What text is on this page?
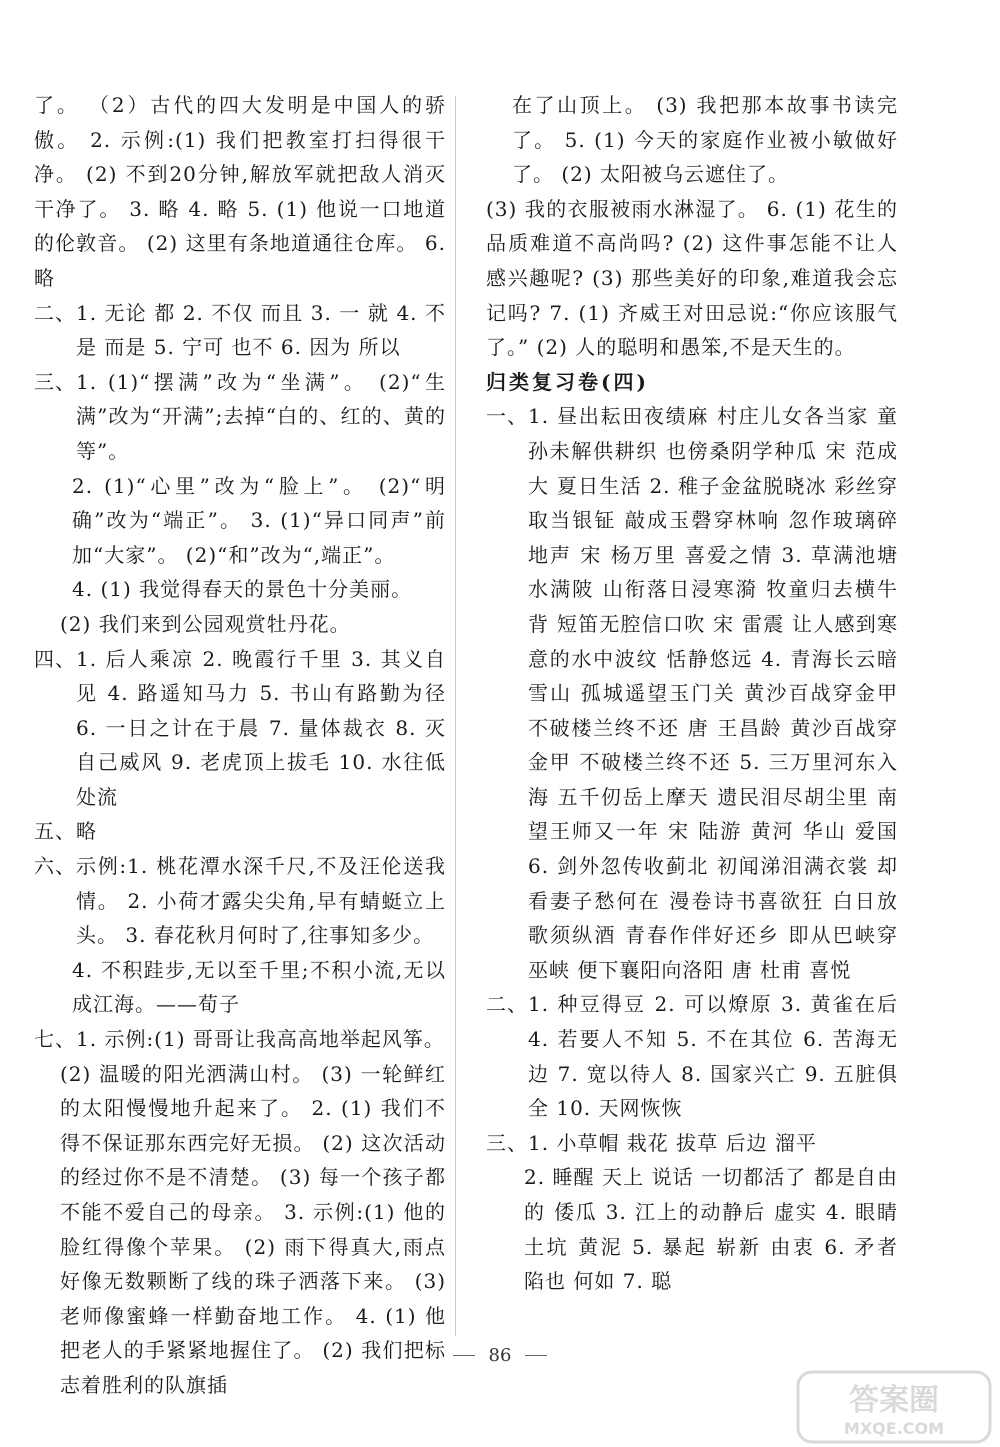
了。 （2）古代的四大发明是中国人的骄傲。 2. 示例:(1) 我们把教室打扫得很干净。 (2) 不到20分钟,解放军就把敌人消灭干净了。 3. 略 4. 略 5. (1) 他说一口地道的伦敦音。 (2) 这里有条地道通往仓库。 6. 略

二、 1. 无论 都 2. 不仅 而且 3. 一 就 4. 不是 而是 5. 宁可 也不 6. 因为 所以
三、 1. (1)“摆满”改为“坐满”。 (2)“生满”改为“开满”;去掉“白的、红的、黄的等”。

2. (1)“心里”改为“脸上”。 (2)“明确”改为“端正”。 3. (1)“异口同声”前加“大家”。 (2)“和”改为“,端正”。

4. (1) 我觉得春天的景色十分美丽。

(2) 我们来到公园观赏牡丹花。

四、 1. 后人乘凉 2. 晚霞行千里 3. 其义自见 4. 路遥知马力 5. 书山有路勤为径 6. 一日之计在于晨 7. 量体裁衣 8. 灭自己威风 9. 老虎顶上拔毛 10. 水往低处流
五、 略
六、 示例:1. 桃花潭水深千尺,不及汪伦送我情。 2. 小荷才露尖尖角,早有蜻蜓立上头。 3. 春花秋月何时了,往事知多少。

4. 不积跬步,无以至千里;不积小流,无以成江海。——荀子

七、 1. 示例:(1) 哥哥让我高高地举起风筝。

(2) 温暖的阳光洒满山村。 (3) 一轮鲜红的太阳慢慢地升起来了。 2. (1) 我们不得不保证那东西完好无损。 (2) 这次活动的经过你不是不清楚。 (3) 每一个孩子都不能不爱自己的母亲。 3. 示例:(1) 他的脸红得像个苹果。 (2) 雨下得真大,雨点好像无数颗断了线的珠子洒落下来。 (3) 老师像蜜蜂一样勤奋地工作。 4. (1) 他把老人的手紧紧地握住了。 (2) 我们把标志着胜利的队旗插

在了山顶上。 (3) 我把那本故事书读完了。 5. (1) 今天的家庭作业被小敏做好了。 (2) 太阳被乌云遮住了。

(3) 我的衣服被雨水淋湿了。 6. (1) 花生的品质难道不高尚吗? (2) 这件事怎能不让人感兴趣呢? (3) 那些美好的印象,难道我会忘记吗? 7. (1) 齐威王对田忌说:“你应该服气了。” (2) 人的聪明和愚笨,不是天生的。

归类复习卷(四)

一、 1. 昼出耘田夜绩麻 村庄儿女各当家 童孙未解供耕织 也傍桑阴学种瓜 宋 范成大 夏日生活 2. 稚子金盆脱晓冰 彩丝穿取当银钲 敲成玉磬穿林响 忽作玻璃碎地声 宋 杨万里 喜爱之情 3. 草满池塘水满陂 山衔落日浸寒漪 牧童归去横牛背 短笛无腔信口吹 宋 雷震 让人感到寒意的水中波纹 恬静悠远 4. 青海长云暗雪山 孤城遥望玉门关 黄沙百战穿金甲 不破楼兰终不还 唐 王昌龄 黄沙百战穿金甲 不破楼兰终不还 5. 三万里河东入海 五千仞岳上摩天 遗民泪尽胡尘里 南望王师又一年 宋 陆游 黄河 华山 爱国 6. 剑外忽传收蓟北 初闻涕泪满衣裳 却看妻子愁何在 漫卷诗书喜欲狂 白日放歌须纵酒 青春作伴好还乡 即从巴峡穿巫峡 便下襄阳向洛阳 唐 杜甫 喜悦
二、 1. 种豆得豆 2. 可以燎原 3. 黄雀在后 4. 若要人不知 5. 不在其位 6. 苦海无边 7. 宽以待人 8. 国家兴亡 9. 五脏俱全 10. 天网恢恢
三、 1. 小草帽 栽花 拔草 后边 溜平

2. 睡醒 天上 说话 一切都活了 都是自由的 倭瓜 3. 江上的动静后 虚实 4. 眼睛 土坑 黄泥 5. 暴起 崭新 由衷 6. 矛者 陷也 何如 7. 聪

86
答案圈
MXQE.COM
